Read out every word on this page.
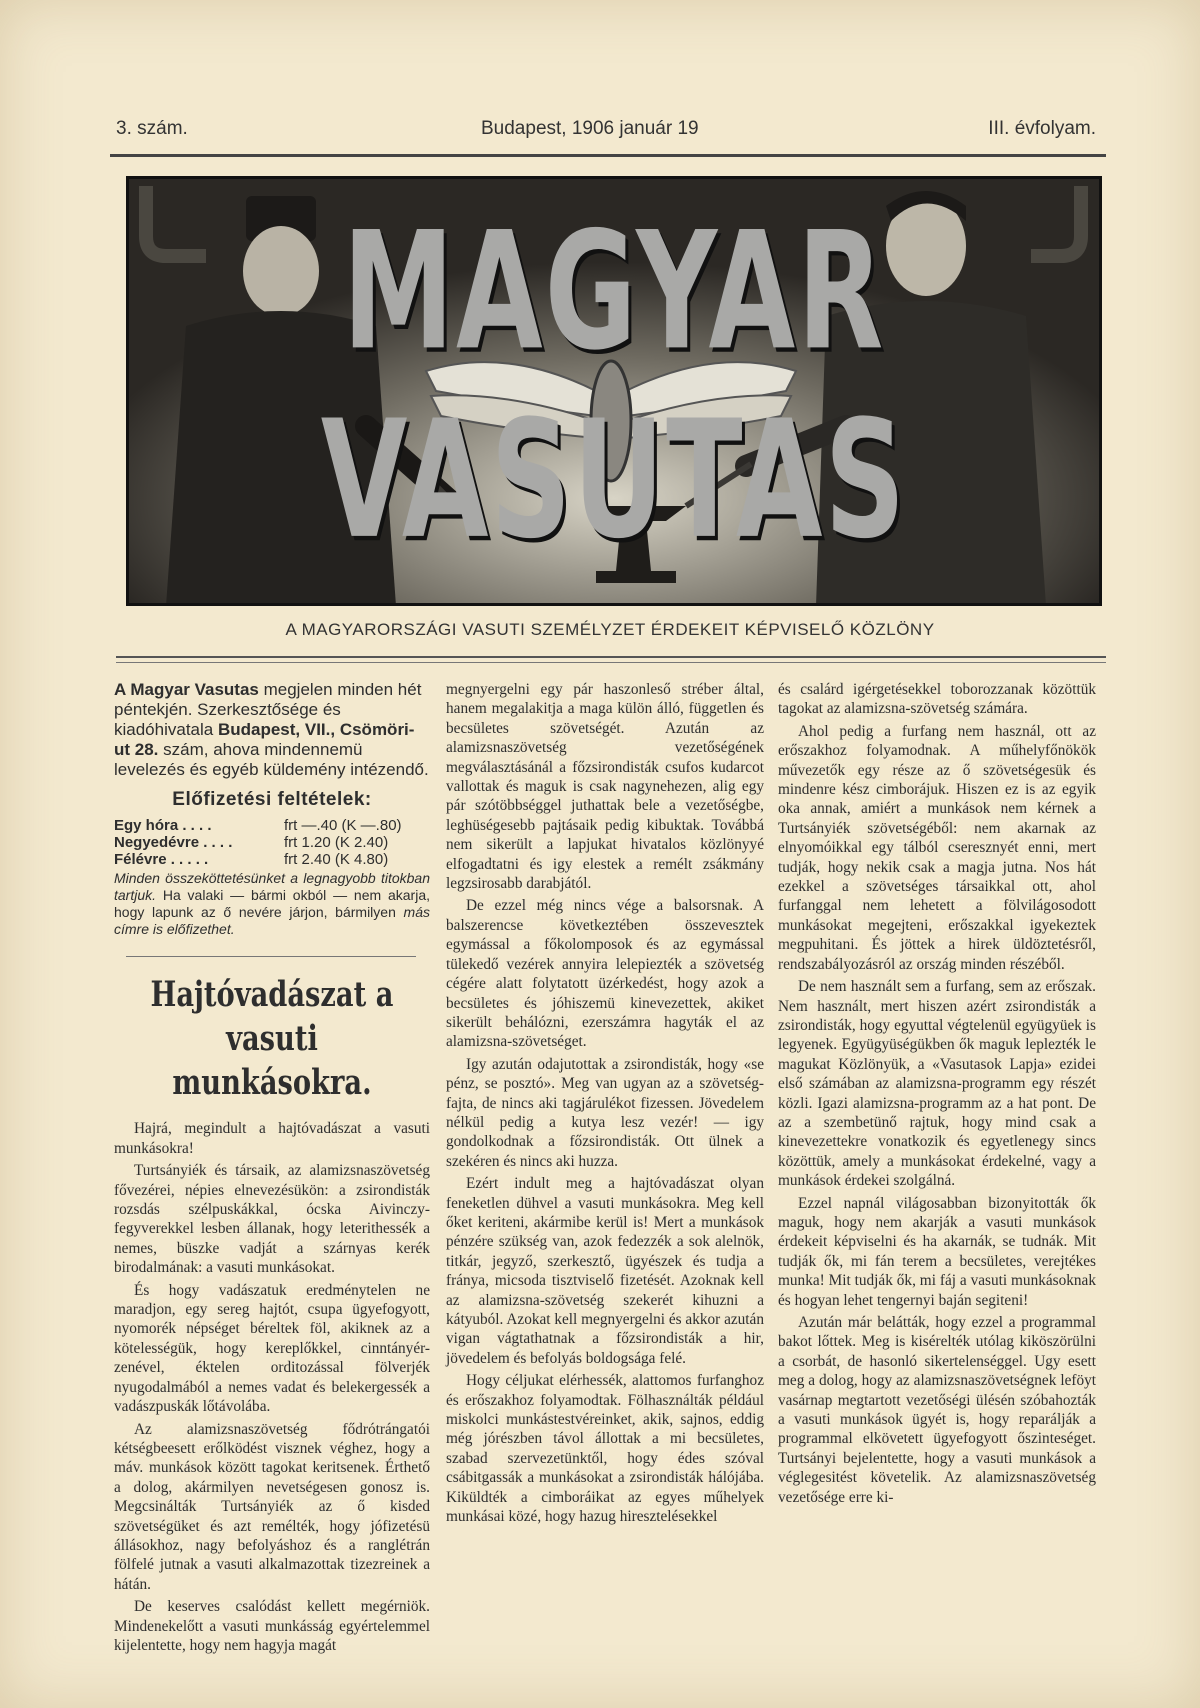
3. szám.	Budapest, 1906 január 19	III. évfolyam.
MAGYAR VASUTAS
A MAGYARORSZÁGI VASUTI SZEMÉLYZET ÉRDEKEIT KÉPVISELŐ KÖZLÖNY
A Magyar Vasutas megjelen minden hét péntekjén. Szerkesztősége és kiadóhivatala Budapest, VII., Csömöri-ut 28. szám, ahova mindennemü levelezés és egyéb küldemény intézendő.
Előfizetési feltételek:
Egy hóra . . . .	frt —.40 (K —.80)
Negyedévre . . . .	frt 1.20 (K 2.40)
Félévre . . . . .	frt 2.40 (K 4.80)
Minden összeköttetésünket a legnagyobb titokban tartjuk. Ha valaki — bármi okból — nem akarja, hogy lapunk az ő nevére járjon, bármilyen más címre is előfizethet.
Hajtóvadászat a vasuti
munkásokra.

Hajrá, megindult a hajtóvadászat a vasuti munkásokra!

Turtsányiék és társaik, az alamizsnaszövetség fővezérei, népies elnevezésükön: a zsirondisták rozsdás szélpuskákkal, ócska Aivinczy-fegyverekkel lesben állanak, hogy leterithessék a nemes, büszke vadját a szárnyas kerék birodalmának: a vasuti munkásokat.

És hogy vadászatuk eredménytelen ne maradjon, egy sereg hajtót, csupa ügyefogyott, nyomorék népséget béreltek föl, akiknek az a kötelességük, hogy kereplőkkel, cinntányér-zenével, éktelen orditozással fölverjék nyugodalmából a nemes vadat és belekergessék a vadászpuskák lőtávolába.

Az alamizsnaszövetség fődrótrángatói kétségbeesett erőlködést visznek véghez, hogy a máv. munkások között tagokat keritsenek. Érthető a dolog, akármilyen nevetségesen gonosz is. Megcsinálták Turtsányiék az ő kisded szövetségüket és azt remélték, hogy jófizetésü állásokhoz, nagy befolyáshoz és a ranglétrán fölfelé jutnak a vasuti alkalmazottak tizezreinek a hátán.

De keserves csalódást kellett megérniök. Mindenekelőtt a vasuti munkásság egyértelemmel kijelentette, hogy nem hagyja magát

megnyergelni egy pár haszonleső stréber által, hanem megalakitja a maga külön álló, független és becsületes szövetségét. Azután az alamizsnaszövetség vezetőségének megválasztásánál a főzsirondisták csufos kudarcot vallottak és maguk is csak nagynehezen, alig egy pár szótöbbséggel juthattak bele a vezetőségbe, leghüségesebb pajtásaik pedig kibuktak. Továbbá nem sikerült a lapjukat hivatalos közlönyyé elfogadtatni és igy elestek a remélt zsákmány legzsirosabb darabjától.

De ezzel még nincs vége a balsorsnak. A balszerencse következtében összevesztek egymással a főkolomposok és az egymással tülekedő vezérek annyira lelepiezték a szövetség cégére alatt folytatott üzérkedést, hogy azok a becsületes és jóhiszemü kinevezettek, akiket sikerült behálózni, ezerszámra hagyták el az alamizsna-szövetséget.

Igy azután odajutottak a zsirondisták, hogy «se pénz, se posztó». Meg van ugyan az a szövetség-fajta, de nincs aki tagjárulékot fizessen. Jövedelem nélkül pedig a kutya lesz vezér! — igy gondolkodnak a főzsirondisták. Ott ülnek a szekéren és nincs aki huzza.

Ezért indult meg a hajtóvadászat olyan feneketlen dühvel a vasuti munkásokra. Meg kell őket keriteni, akármibe kerül is! Mert a munkások pénzére szükség van, azok fedezzék a sok alelnök, titkár, jegyző, szerkesztő, ügyészek és tudja a fránya, micsoda tisztviselő fizetését. Azoknak kell az alamizsna-szövetség szekerét kihuzni a kátyuból. Azokat kell megnyergelni és akkor azután vigan vágtathatnak a főzsirondisták a hir, jövedelem és befolyás boldogsága felé.

Hogy céljukat elérhessék, alattomos furfanghoz és erőszakhoz folyamodtak. Fölhasználták például miskolci munkástestvéreinket, akik, sajnos, eddig még jórészben távol állottak a mi becsületes, szabad szervezetünktől, hogy édes szóval csábitgassák a munkásokat a zsirondisták hálójába. Kiküldték a cimboráikat az egyes műhelyek munkásai közé, hogy hazug hiresztelésekkel

és csalárd igérgetésekkel toborozzanak közöttük tagokat az alamizsna-szövetség számára.

Ahol pedig a furfang nem használ, ott az erőszakhoz folyamodnak. A műhelyfőnökök művezetők egy része az ő szövetségesük és mindenre kész cimborájuk. Hiszen ez is az egyik oka annak, amiért a munkások nem kérnek a Turtsányiék szövetségéből: nem akarnak az elnyomóikkal egy tálból cseresznyét enni, mert tudják, hogy nekik csak a magja jutna. Nos hát ezekkel a szövetséges társaikkal ott, ahol furfanggal nem lehetett a fölvilágosodott munkásokat megejteni, erőszakkal igyekeztek megpuhitani. És jöttek a hirek üldöztetésről, rendszabályozásról az ország minden részéből.

De nem használt sem a furfang, sem az erőszak. Nem használt, mert hiszen azért zsirondisták a zsirondisták, hogy egyuttal végtelenül együgyüek is legyenek. Együgyüségükben ők maguk leplezték le magukat Közlönyük, a «Vasutasok Lapja» ezidei első számában az alamizsna-programm egy részét közli. Igazi alamizsna-programm az a hat pont. De az a szembetünő rajtuk, hogy mind csak a kinevezettekre vonatkozik és egyetlenegy sincs közöttük, amely a munkásokat érdekelné, vagy a munkások érdekei szolgálná.

Ezzel napnál világosabban bizonyitották ők maguk, hogy nem akarják a vasuti munkások érdekeit képviselni és ha akarnák, se tudnák. Mit tudják ők, mi fán terem a becsületes, verejtékes munka! Mit tudják ők, mi fáj a vasuti munkásoknak és hogyan lehet tengernyi baján segiteni!

Azután már belátták, hogy ezzel a programmal bakot lőttek. Meg is kisérelték utólag kiköszörülni a csorbát, de hasonló sikertelenséggel. Ugy esett meg a dolog, hogy az alamizsnaszövetségnek leföyt vasárnap megtartott vezetőségi ülésén szóbahozták a vasuti munkások ügyét is, hogy reparálják a programmal elkövetett ügyefogyott őszinteséget. Turtsányi bejelentette, hogy a vasuti munkások a véglegesitést követelik. Az alamizsnaszövetség vezetősége erre ki-
